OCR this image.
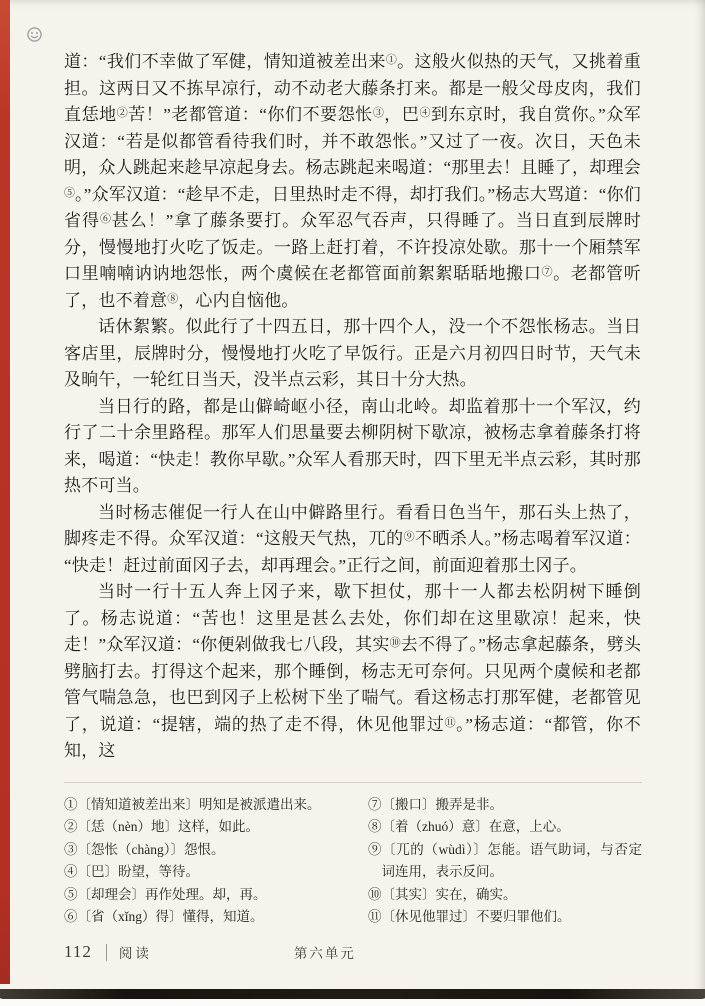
道：“我们不幸做了军健，情知道被差出来①。这般火似热的天气，又挑着重担。这两日又不拣早凉行，动不动老大藤条打来。都是一般父母皮肉，我们直恁地②苦！”老都管道：“你们不要怨怅③，巴④到东京时，我自赏你。”众军汉道：“若是似都管看待我们时，并不敢怨怅。”又过了一夜。次日，天色未明，众人跳起来趁早凉起身去。杨志跳起来喝道：“那里去！且睡了，却理会⑤。”众军汉道：“趁早不走，日里热时走不得，却打我们。”杨志大骂道：“你们省得⑥甚么！”拿了藤条要打。众军忍气吞声，只得睡了。当日直到辰牌时分，慢慢地打火吃了饭走。一路上赶打着，不许投凉处歇。那十一个厢禁军口里喃喃讷讷地怨怅，两个虞候在老都管面前絮絮聒聒地搬口⑦。老都管听了，也不着意⑧，心内自恼他。

话休絮繁。似此行了十四五日，那十四个人，没一个不怨怅杨志。当日客店里，辰牌时分，慢慢地打火吃了早饭行。正是六月初四日时节，天气未及晌午，一轮红日当天，没半点云彩，其日十分大热。

当日行的路，都是山僻崎岖小径，南山北岭。却监着那十一个军汉，约行了二十余里路程。那军人们思量要去柳阴树下歇凉，被杨志拿着藤条打将来，喝道：“快走！教你早歇。”众军人看那天时，四下里无半点云彩，其时那热不可当。

当时杨志催促一行人在山中僻路里行。看看日色当午，那石头上热了，脚疼走不得。众军汉道：“这般天气热，兀的⑨不晒杀人。”杨志喝着军汉道：“快走！赶过前面冈子去，却再理会。”正行之间，前面迎着那土冈子。

当时一行十五人奔上冈子来，歇下担仗，那十一人都去松阴树下睡倒了。杨志说道：“苦也！这里是甚么去处，你们却在这里歇凉！起来，快走！”众军汉道：“你便剁做我七八段，其实⑩去不得了。”杨志拿起藤条，劈头劈脑打去。打得这个起来，那个睡倒，杨志无可奈何。只见两个虞候和老都管气喘急急，也巴到冈子上松树下坐了喘气。看这杨志打那军健，老都管见了，说道：“提辖，端的热了走不得，休见他罪过⑪。”杨志道：“都管，你不知，这

①〔情知道被差出来〕明知是被派遣出来。

②〔恁（nèn）地〕这样，如此。

③〔怨怅（chàng）〕怨恨。

④〔巴〕盼望，等待。

⑤〔却理会〕再作处理。却，再。

⑥〔省（xǐng）得〕懂得，知道。

⑦〔搬口〕搬弄是非。

⑧〔着（zhuó）意〕在意，上心。

⑨〔兀的（wùdì）〕怎能。语气助词，与否定词连用，表示反问。

⑩〔其实〕实在，确实。

⑪〔休见他罪过〕不要归罪他们。

112 阅读	第六单元
